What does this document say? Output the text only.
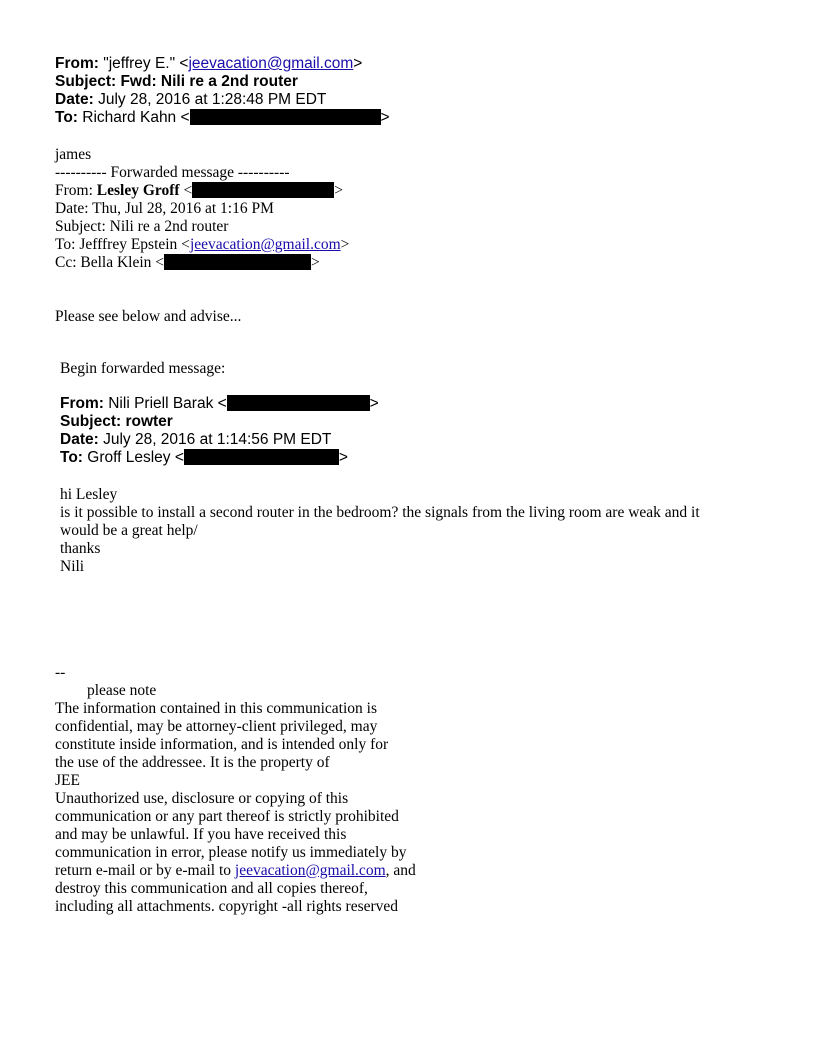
From: "jeffrey E." <jeevacation@gmail.com>
Subject: Fwd: Nili re a 2nd router
Date: July 28, 2016 at 1:28:48 PM EDT
To: Richard Kahn <	>
james
---------- Forwarded message ----------
From: Lesley Groff <	>
Date: Thu, Jul 28, 2016 at 1:16 PM
Subject: Nili re a 2nd router
To: Jefffrey Epstein <jeevacation@gmail.com>
Cc: Bella Klein <	>
Please see below and advise...
Begin forwarded message:
From: Nili Priell Barak <	>
Subject: rowter
Date: July 28, 2016 at 1:14:56 PM EDT
To: Groff Lesley <	>
hi Lesley
is it possible to install a second router in the bedroom? the signals from the living room are weak and it
would be a great help/
thanks
Nili
--
please note
The information contained in this communication is
confidential, may be attorney-client privileged, may
constitute inside information, and is intended only for
the use of the addressee. It is the property of
JEE
Unauthorized use, disclosure or copying of this
communication or any part thereof is strictly prohibited
and may be unlawful. If you have received this
communication in error, please notify us immediately by
return e-mail or by e-mail to jeevacation@gmail.com, and
destroy this communication and all copies thereof,
including all attachments. copyright -all rights reserved
